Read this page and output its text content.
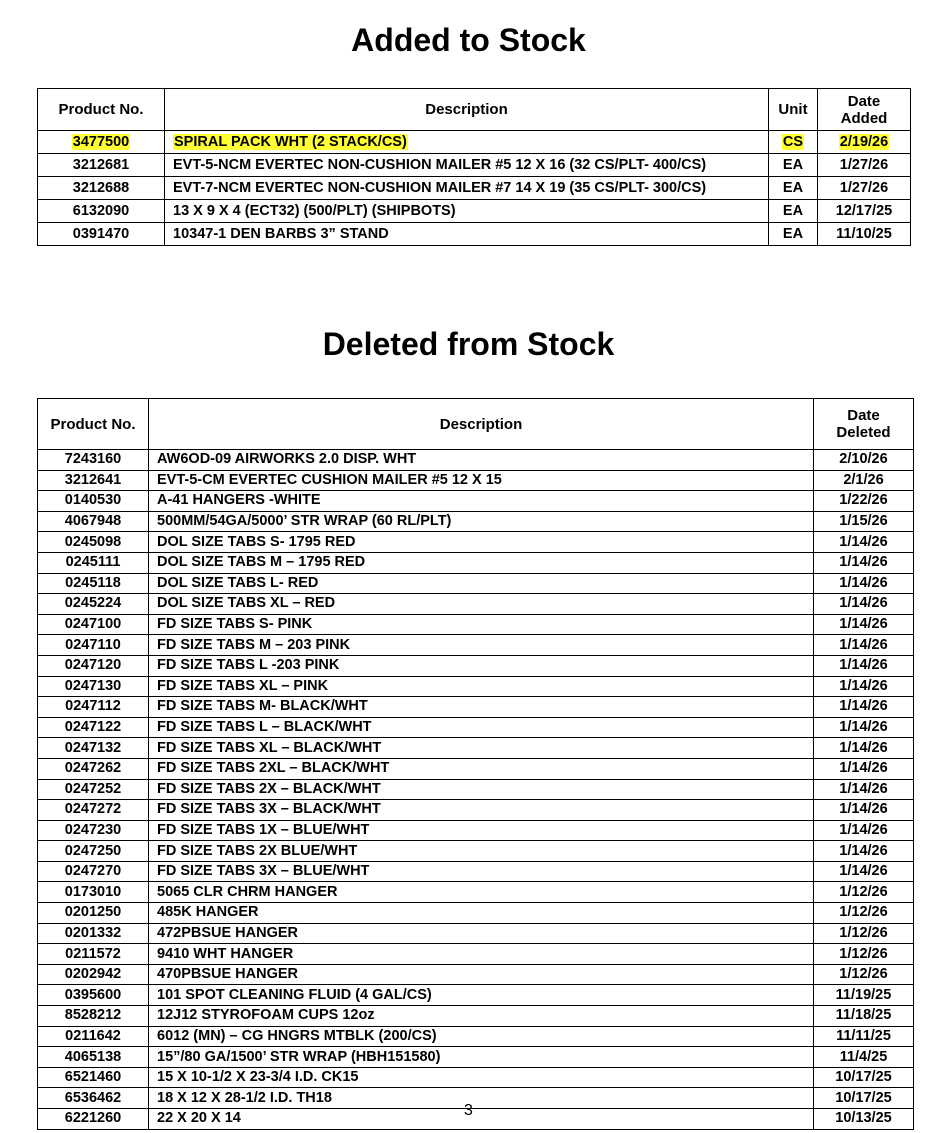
Added to Stock
Product No.	Description	Unit	Date
Added
3477500	SPIRAL PACK WHT (2 STACK/CS)	CS	2/19/26
3212681	EVT-5-NCM EVERTEC NON-CUSHION MAILER #5 12 X 16 (32 CS/PLT- 400/CS)	EA	1/27/26
3212688	EVT-7-NCM EVERTEC NON-CUSHION MAILER #7 14 X 19 (35 CS/PLT- 300/CS)	EA	1/27/26
6132090	13 X 9 X 4 (ECT32) (500/PLT) (SHIPBOTS)	EA	12/17/25
0391470	10347-1 DEN BARBS 3” STAND	EA	11/10/25
Deleted from Stock
Product No.	Description	Date
Deleted
7243160	AW6OD-09 AIRWORKS 2.0 DISP. WHT	2/10/26
3212641	EVT-5-CM EVERTEC CUSHION MAILER #5 12 X 15	2/1/26
0140530	A-41 HANGERS -WHITE	1/22/26
4067948	500MM/54GA/5000’ STR WRAP (60 RL/PLT)	1/15/26
0245098	DOL SIZE TABS S- 1795 RED	1/14/26
0245111	DOL SIZE TABS M – 1795 RED	1/14/26
0245118	DOL SIZE TABS L- RED	1/14/26
0245224	DOL SIZE TABS XL – RED	1/14/26
0247100	FD SIZE TABS S- PINK	1/14/26
0247110	FD SIZE TABS M – 203 PINK	1/14/26
0247120	FD SIZE TABS L -203 PINK	1/14/26
0247130	FD SIZE TABS XL – PINK	1/14/26
0247112	FD SIZE TABS M- BLACK/WHT	1/14/26
0247122	FD SIZE TABS L – BLACK/WHT	1/14/26
0247132	FD SIZE TABS XL – BLACK/WHT	1/14/26
0247262	FD SIZE TABS 2XL – BLACK/WHT	1/14/26
0247252	FD SIZE TABS 2X – BLACK/WHT	1/14/26
0247272	FD SIZE TABS 3X – BLACK/WHT	1/14/26
0247230	FD SIZE TABS 1X – BLUE/WHT	1/14/26
0247250	FD SIZE TABS 2X BLUE/WHT	1/14/26
0247270	FD SIZE TABS 3X – BLUE/WHT	1/14/26
0173010	5065 CLR CHRM HANGER	1/12/26
0201250	485K HANGER	1/12/26
0201332	472PBSUE HANGER	1/12/26
0211572	9410 WHT HANGER	1/12/26
0202942	470PBSUE HANGER	1/12/26
0395600	101 SPOT CLEANING FLUID (4 GAL/CS)	11/19/25
8528212	12J12 STYROFOAM CUPS 12oz	11/18/25
0211642	6012 (MN) – CG HNGRS MTBLK (200/CS)	11/11/25
4065138	15”/80 GA/1500’ STR WRAP (HBH151580)	11/4/25
6521460	15 X 10-1/2 X 23-3/4 I.D. CK15	10/17/25
6536462	18 X 12 X 28-1/2 I.D. TH18	10/17/25
6221260	22 X 20 X 14	10/13/25
3
